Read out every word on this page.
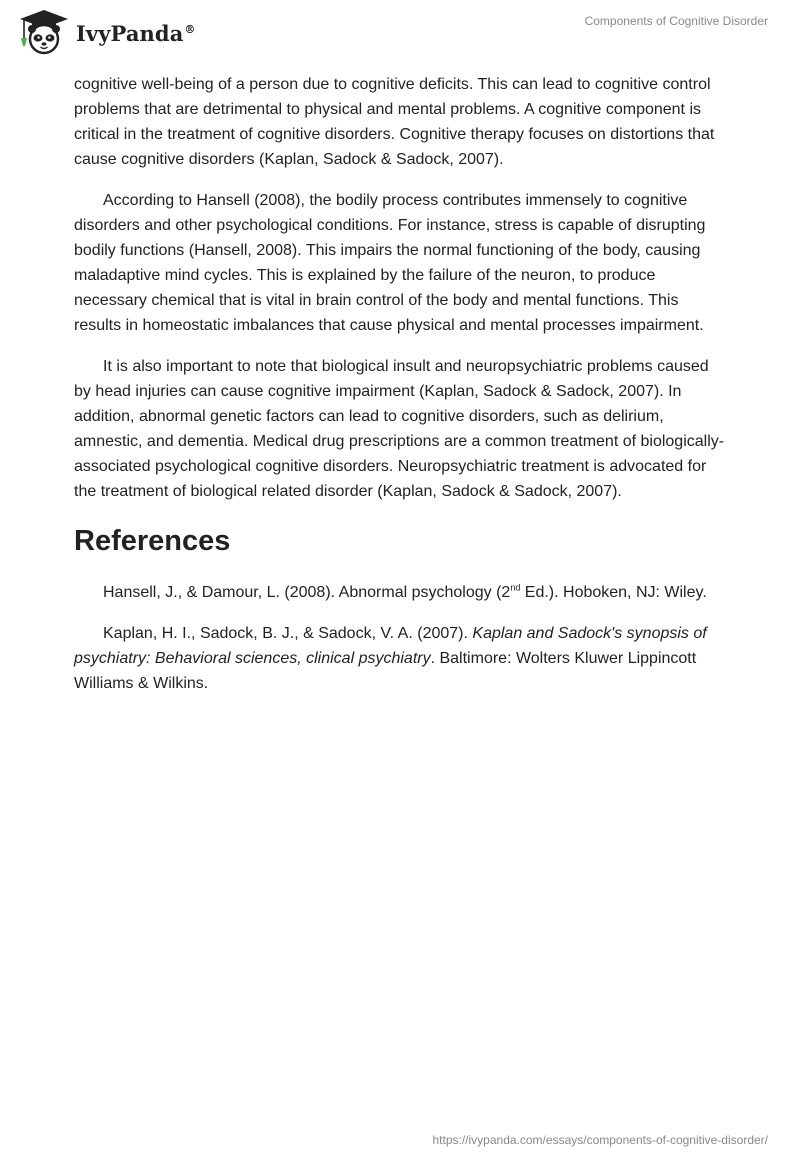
IvyPanda®
Components of Cognitive Disorder

cognitive well-being of a person due to cognitive deficits. This can lead to cognitive control problems that are detrimental to physical and mental problems. A cognitive component is critical in the treatment of cognitive disorders. Cognitive therapy focuses on distortions that cause cognitive disorders (Kaplan, Sadock & Sadock, 2007).

According to Hansell (2008), the bodily process contributes immensely to cognitive disorders and other psychological conditions. For instance, stress is capable of disrupting bodily functions (Hansell, 2008). This impairs the normal functioning of the body, causing maladaptive mind cycles. This is explained by the failure of the neuron, to produce necessary chemical that is vital in brain control of the body and mental functions. This results in homeostatic imbalances that cause physical and mental processes impairment.

It is also important to note that biological insult and neuropsychiatric problems caused by head injuries can cause cognitive impairment (Kaplan, Sadock & Sadock, 2007). In addition, abnormal genetic factors can lead to cognitive disorders, such as delirium, amnestic, and dementia. Medical drug prescriptions are a common treatment of biologically-associated psychological cognitive disorders. Neuropsychiatric treatment is advocated for the treatment of biological related disorder (Kaplan, Sadock & Sadock, 2007).

References

Hansell, J., & Damour, L. (2008). Abnormal psychology (2nd Ed.). Hoboken, NJ: Wiley.

Kaplan, H. I., Sadock, B. J., & Sadock, V. A. (2007). Kaplan and Sadock's synopsis of psychiatry: Behavioral sciences, clinical psychiatry. Baltimore: Wolters Kluwer Lippincott Williams & Wilkins.

https://ivypanda.com/essays/components-of-cognitive-disorder/
